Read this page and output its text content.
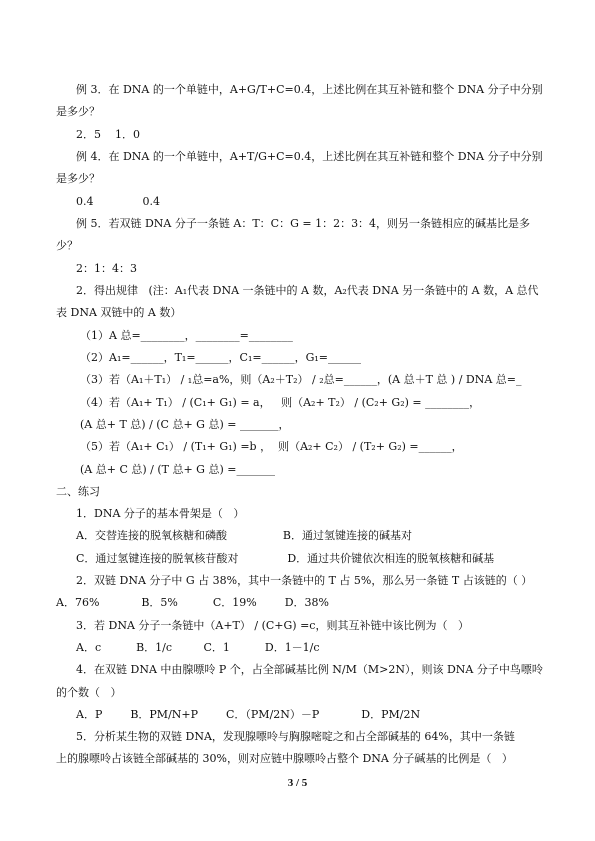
例 3．在 DNA 的一个单链中，A+G/T+C=0.4，上述比例在其互补链和整个 DNA 分子中分别
是多少？
2．5    1．0
例 4．在 DNA 的一个单链中，A+T/G+C=0.4，上述比例在其互补链和整个 DNA 分子中分别
是多少？
0.4              0.4
例 5．若双链 DNA 分子一条链 A：T：C：G = 1：2：3：4，则另一条链相应的碱基比是多
少？
2：1：4：3
2．得出规律   (注：A₁代表 DNA 一条链中的 A 数，A₂代表 DNA 另一条链中的 A 数，A 总代
表 DNA 双链中的 A 数）
（1）A 总=________，________=________
（2）A₁=______，T₁=______，C₁=______，G₁=______
（3）若（A₁＋T₁） / ₁总=a%，则（A₂＋T₂） / ₂总=______，(A 总＋T 总 ) / DNA 总=_
（4）若（A₁+ T₁） / (C₁+ G₁) = a，   则（A₂+ T₂） / (C₂+ G₂) = ________，
(A 总+ T 总) / (C 总+ G 总) = _______，
（5）若（A₁+ C₁） / (T₁+ G₁) =b ，  则（A₂+ C₂） / (T₂+ G₂) =______，
(A 总+ C 总) / (T 总+ G 总) =_______
二、练习
1．DNA 分子的基本骨架是（   ）
A．交替连接的脱氧核糖和磷酸                B．通过氢键连接的碱基对
C．通过氢键连接的脱氧核苷酸对              D．通过共价键依次相连的脱氧核糖和碱基
2．双链 DNA 分子中 G 占 38%，其中一条链中的 T 占 5%，那么另一条链 T 占该链的（ ）
A．76%            B．5%          C．19%        D．38%
3．若 DNA 分子一条链中（A+T） / (C+G) =c，则其互补链中该比例为（   ）
A．c          B．1/c         C．1          D．1－1/c
4．在双链 DNA 中由腺嘌呤 P 个，占全部碱基比例 N/M（M>2N），则该 DNA 分子中鸟嘌呤
的个数（   ）
A．P        B．PM/N+P        C．（PM/2N）－P            D．PM/2N
5．分析某生物的双链 DNA，发现腺嘌呤与胸腺嘧啶之和占全部碱基的 64%，其中一条链
上的腺嘌呤占该链全部碱基的 30%，则对应链中腺嘌呤占整个 DNA 分子碱基的比例是（   ）
3 / 5
